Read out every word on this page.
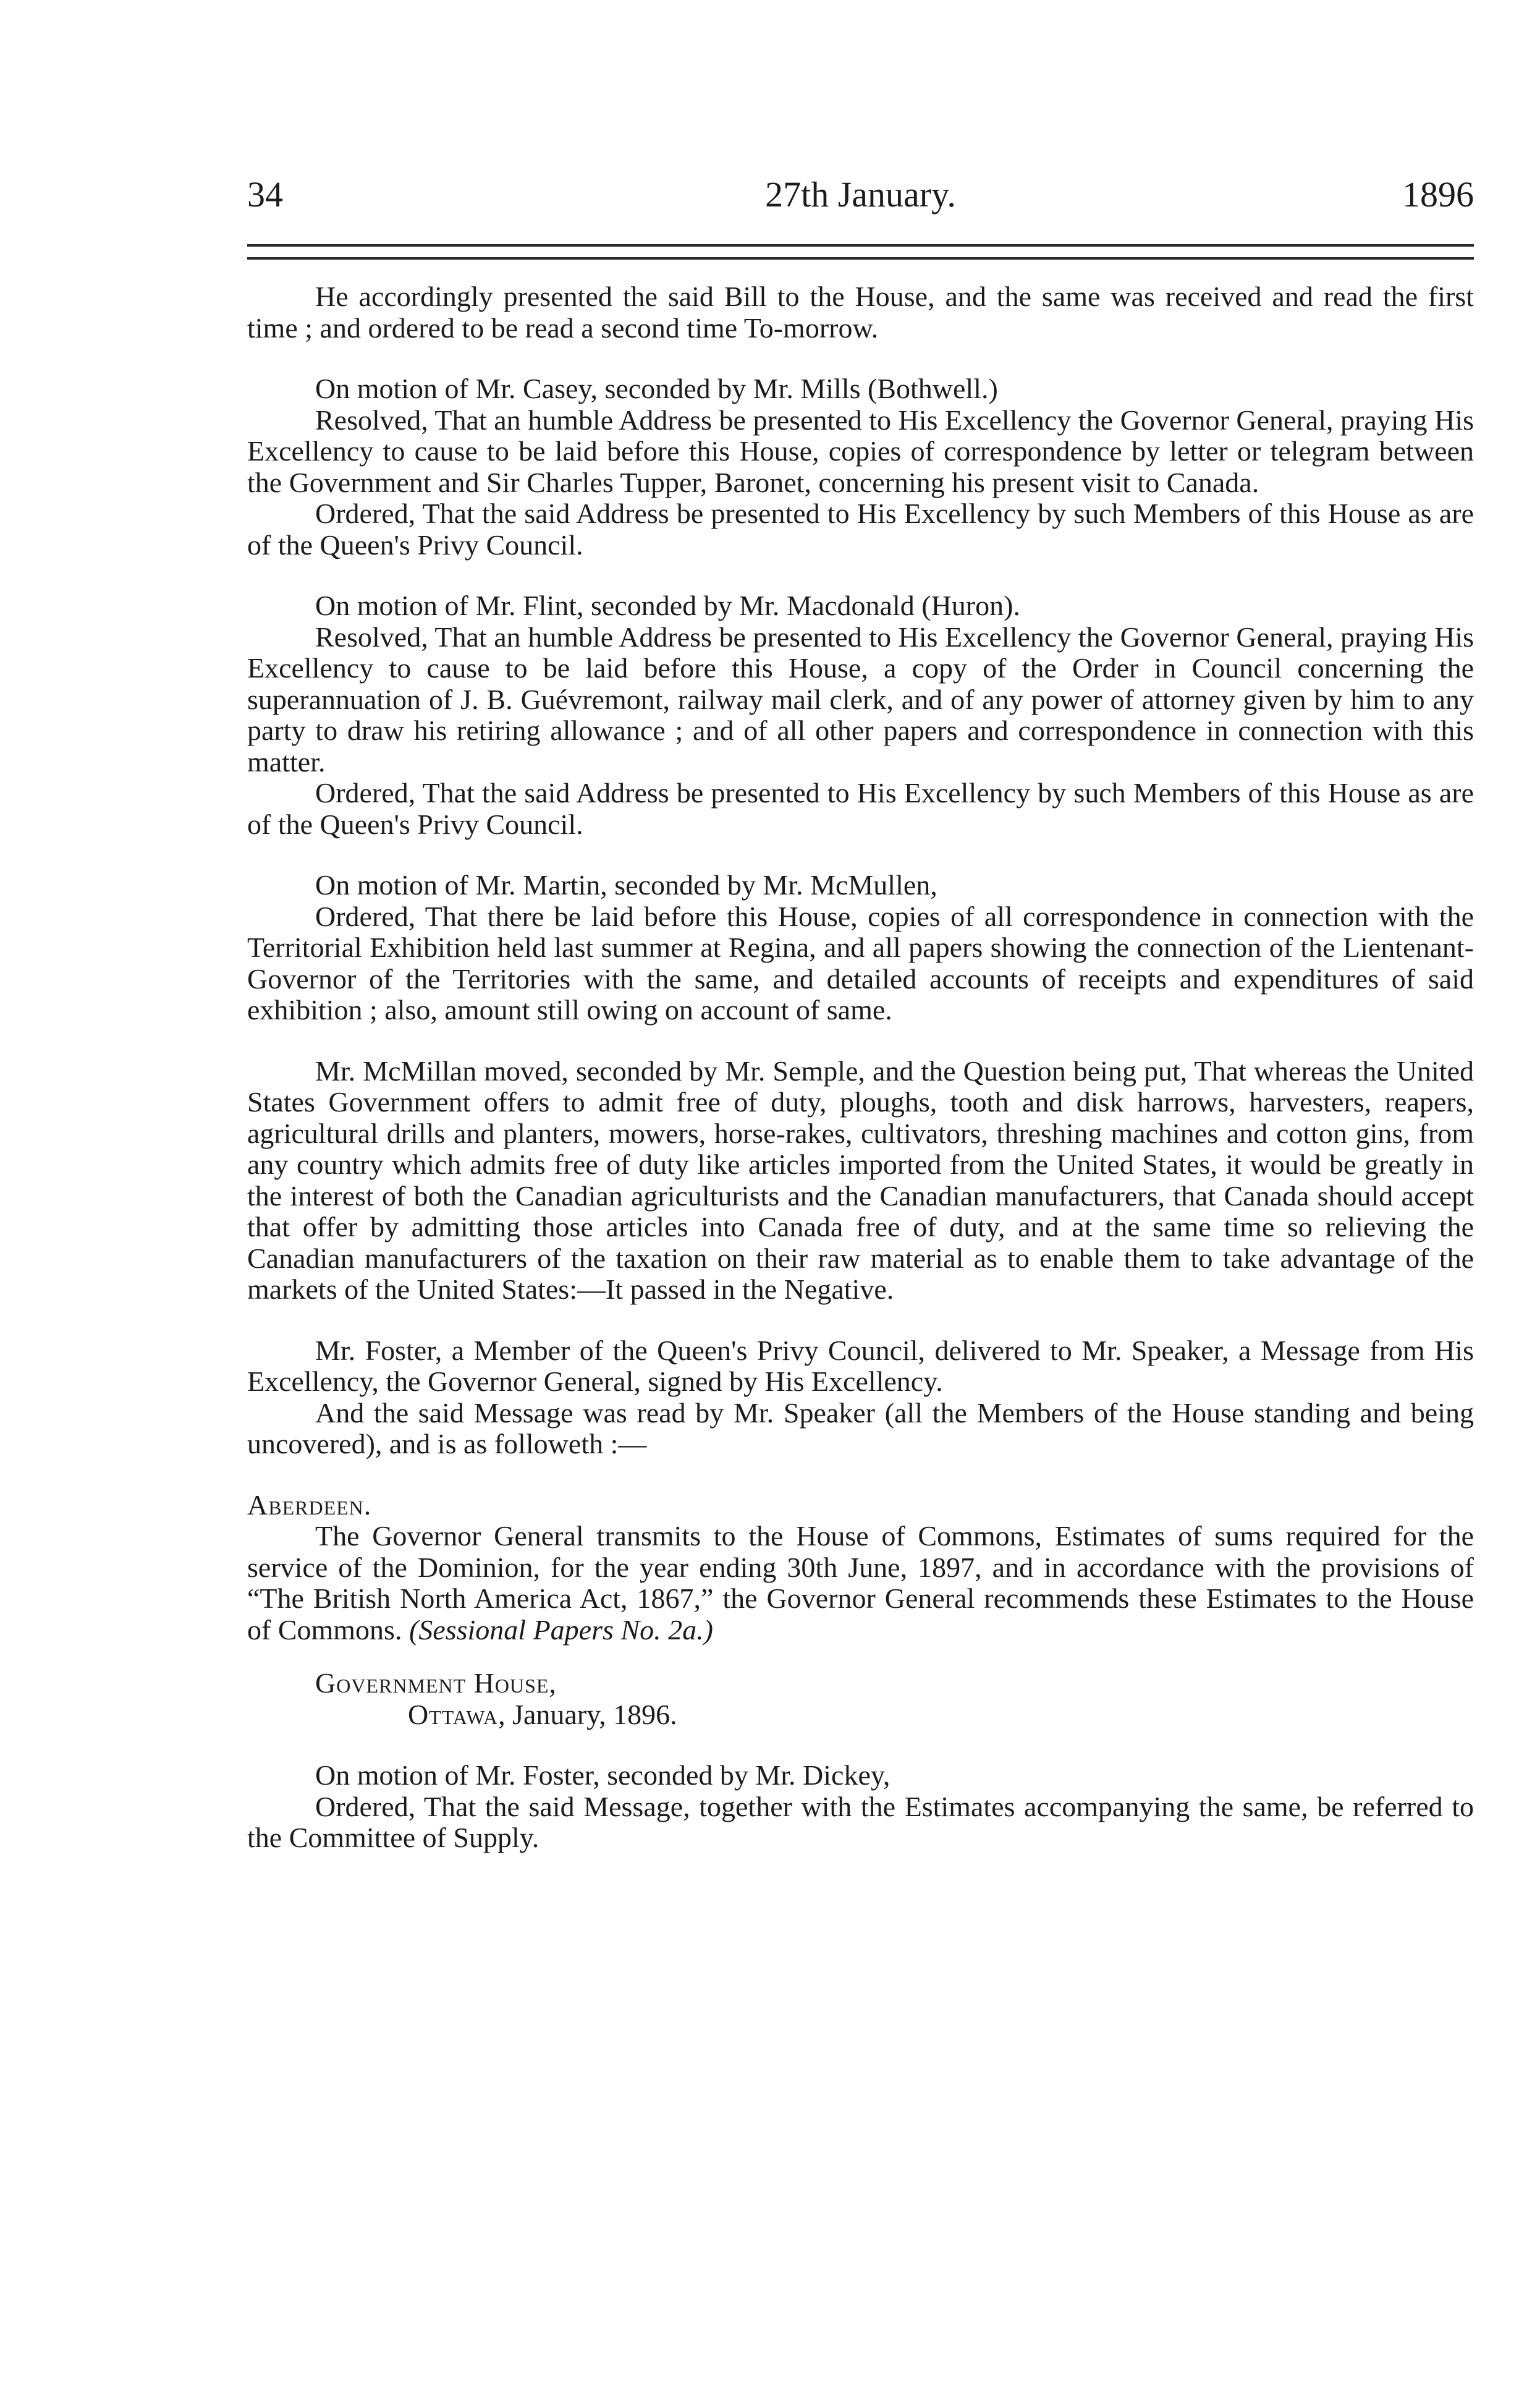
34	27th January.	1896

He accordingly presented the said Bill to the House, and the same was received and read the first time ; and ordered to be read a second time To-morrow.

On motion of Mr. Casey, seconded by Mr. Mills (Bothwell.)

Resolved, That an humble Address be presented to His Excellency the Governor General, praying His Excellency to cause to be laid before this House, copies of correspondence by letter or telegram between the Government and Sir Charles Tupper, Baronet, concerning his present visit to Canada.

Ordered, That the said Address be presented to His Excellency by such Members of this House as are of the Queen's Privy Council.

On motion of Mr. Flint, seconded by Mr. Macdonald (Huron).

Resolved, That an humble Address be presented to His Excellency the Governor General, praying His Excellency to cause to be laid before this House, a copy of the Order in Council concerning the superannuation of J. B. Guévremont, railway mail clerk, and of any power of attorney given by him to any party to draw his retiring allowance ; and of all other papers and correspondence in connection with this matter.

Ordered, That the said Address be presented to His Excellency by such Members of this House as are of the Queen's Privy Council.

On motion of Mr. Martin, seconded by Mr. McMullen,

Ordered, That there be laid before this House, copies of all correspondence in connection with the Territorial Exhibition held last summer at Regina, and all papers showing the connection of the Lientenant-Governor of the Territories with the same, and detailed accounts of receipts and expenditures of said exhibition ; also, amount still owing on account of same.

Mr. McMillan moved, seconded by Mr. Semple, and the Question being put, That whereas the United States Government offers to admit free of duty, ploughs, tooth and disk harrows, harvesters, reapers, agricultural drills and planters, mowers, horse-rakes, cultivators, threshing machines and cotton gins, from any country which admits free of duty like articles imported from the United States, it would be greatly in the interest of both the Canadian agriculturists and the Canadian manufacturers, that Canada should accept that offer by admitting those articles into Canada free of duty, and at the same time so relieving the Canadian manufacturers of the taxation on their raw material as to enable them to take advantage of the markets of the United States:—It passed in the Negative.

Mr. Foster, a Member of the Queen's Privy Council, delivered to Mr. Speaker, a Message from His Excellency, the Governor General, signed by His Excellency.

And the said Message was read by Mr. Speaker (all the Members of the House standing and being uncovered), and is as followeth :—

Aberdeen.

The Governor General transmits to the House of Commons, Estimates of sums required for the service of the Dominion, for the year ending 30th June, 1897, and in accordance with the provisions of “The British North America Act, 1867,” the Governor General recommends these Estimates to the House of Commons. (Sessional Papers No. 2a.)

Government House,

Ottawa, January, 1896.

On motion of Mr. Foster, seconded by Mr. Dickey,

Ordered, That the said Message, together with the Estimates accompanying the same, be referred to the Committee of Supply.
